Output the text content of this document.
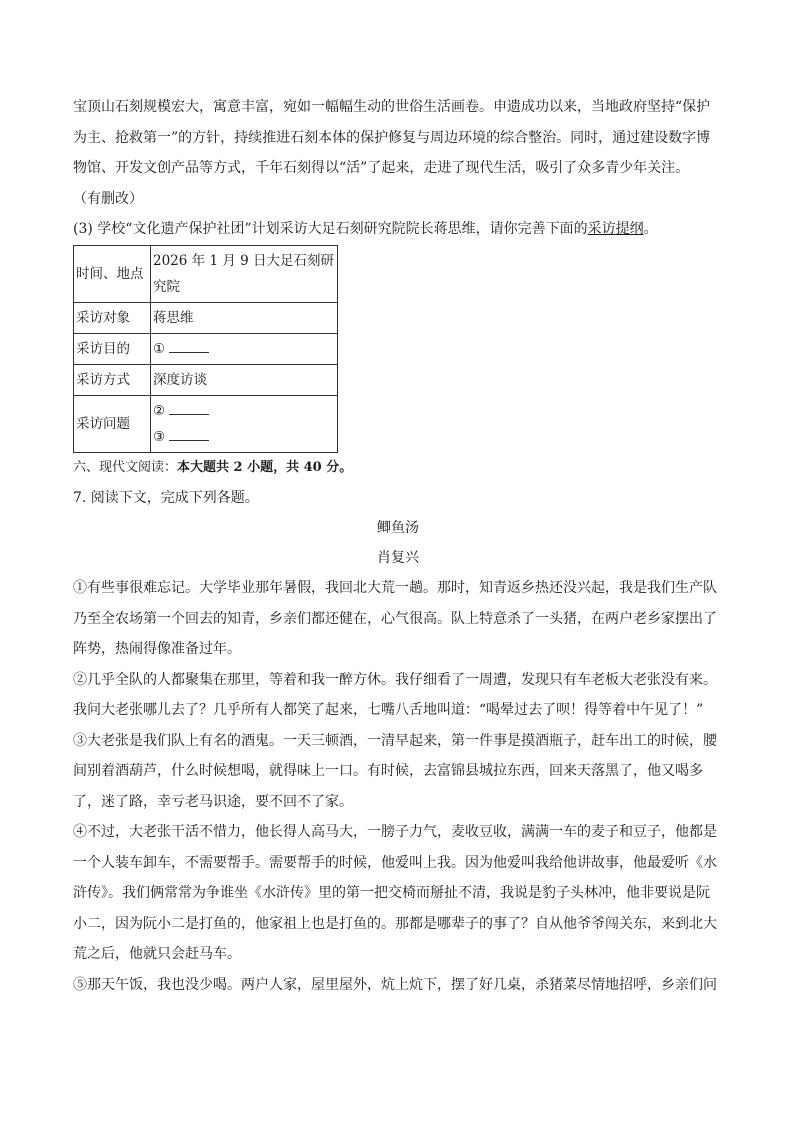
宝顶山石刻规模宏大，寓意丰富，宛如一幅幅生动的世俗生活画卷。申遗成功以来，当地政府坚持“保护

为主、抢救第一”的方针，持续推进石刻本体的保护修复与周边环境的综合整治。同时，通过建设数字博

物馆、开发文创产品等方式，千年石刻得以“活”了起来，走进了现代生活，吸引了众多青少年关注。

（有删改）

(3) 学校“文化遗产保护社团”计划采访大足石刻研究院院长蒋思维，请你完善下面的采访提纲。

时间、地点	2026 年 1 月 9 日大足石刻研究院
采访对象	蒋思维
采访目的	①
采访方式	深度访谈
采访问题	②
③

六、现代文阅读：本大题共 2 小题，共 40 分。

7. 阅读下文，完成下列各题。

鲫鱼汤

肖复兴

①有些事很难忘记。大学毕业那年暑假，我回北大荒一趟。那时，知青返乡热还没兴起，我是我们生产队

乃至全农场第一个回去的知青，乡亲们都还健在，心气很高。队上特意杀了一头猪，在两户老乡家摆出了

阵势，热闹得像准备过年。

②几乎全队的人都聚集在那里，等着和我一醉方休。我仔细看了一周遭，发现只有车老板大老张没有来。

我问大老张哪儿去了？几乎所有人都笑了起来，七嘴八舌地叫道：“喝晕过去了呗！得等着中午见了！”

③大老张是我们队上有名的酒鬼。一天三顿酒，一清早起来，第一件事是摸酒瓶子，赶车出工的时候，腰

间别着酒葫芦，什么时候想喝，就得味上一口。有时候，去富锦县城拉东西，回来天落黑了，他又喝多

了，迷了路，幸亏老马识途，要不回不了家。

④不过，大老张干活不惜力，他长得人高马大，一膀子力气，麦收豆收，满满一车的麦子和豆子，他都是

一个人装车卸车，不需要帮手。需要帮手的时候，他爱叫上我。因为他爱叫我给他讲故事，他最爱听《水

浒传》。我们俩常常为争谁坐《水浒传》里的第一把交椅而掰扯不清，我说是豹子头林冲，他非要说是阮

小二，因为阮小二是打鱼的，他家祖上也是打鱼的。那都是哪辈子的事了？自从他爷爷闯关东，来到北大

荒之后，他就只会赶马车。

⑤那天午饭，我也没少喝。两户人家，屋里屋外，炕上炕下，摆了好几桌，杀猪菜尽情地招呼，乡亲们问
